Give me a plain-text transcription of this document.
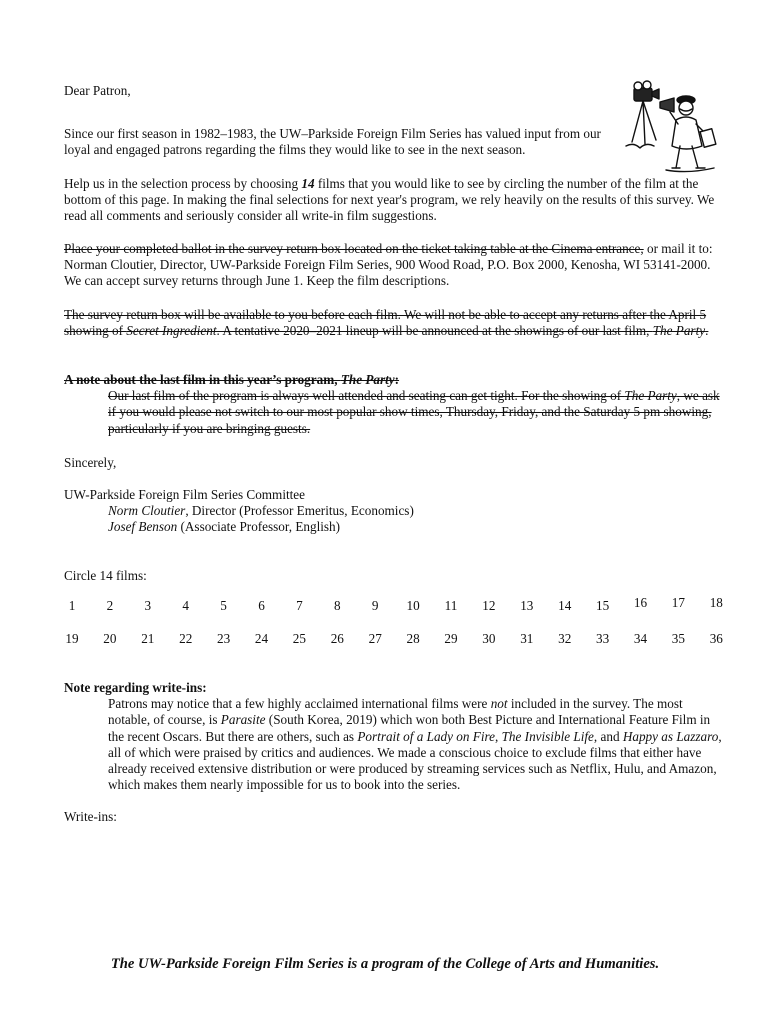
Dear Patron,

Since our first season in 1982–1983, the UW–Parkside Foreign Film Series has valued input from our loyal and engaged patrons regarding the films they would like to see in the next season.

Help us in the selection process by choosing 14 films that you would like to see by circling the number of the film at the bottom of this page. In making the final selections for next year's program, we rely heavily on the results of this survey. We read all comments and seriously consider all write-in film suggestions.

Place your completed ballot in the survey return box located on the ticket taking table at the Cinema entrance, or mail it to: Norman Cloutier, Director, UW-Parkside Foreign Film Series, 900 Wood Road, P.O. Box 2000, Kenosha, WI 53141-2000. We can accept survey returns through June 1. Keep the film descriptions.

The survey return box will be available to you before each film. We will not be able to accept any returns after the April 5 showing of Secret Ingredient. A tentative 2020–2021 lineup will be announced at the showings of our last film, The Party.

A note about the last film in this year’s program, The Party:
Our last film of the program is always well attended and seating can get tight. For the showing of The Party, we ask if you would please not switch to our most popular show times, Thursday, Friday, and the Saturday 5 pm showing, particularly if you are bringing guests.

Sincerely,

UW-Parkside Foreign Film Series Committee
Norm Cloutier, Director (Professor Emeritus, Economics)
Josef Benson (Associate Professor, English)

Circle 14 films:

1 2 3 4 5 6 7 8 9 10 11 12 13 14 15 16 17 18
19 20 21 22 23 24 25 26 27 28 29 30 31 32 33 34 35 36
Note regarding write-ins:
Patrons may notice that a few highly acclaimed international films were not included in the survey. The most notable, of course, is Parasite (South Korea, 2019) which won both Best Picture and International Feature Film in the recent Oscars. But there are others, such as Portrait of a Lady on Fire, The Invisible Life, and Happy as Lazzaro, all of which were praised by critics and audiences. We made a conscious choice to exclude films that either have already received extensive distribution or were produced by streaming services such as Netflix, Hulu, and Amazon, which makes them nearly impossible for us to book into the series.

Write-ins:

The UW-Parkside Foreign Film Series is a program of the College of Arts and Humanities.
